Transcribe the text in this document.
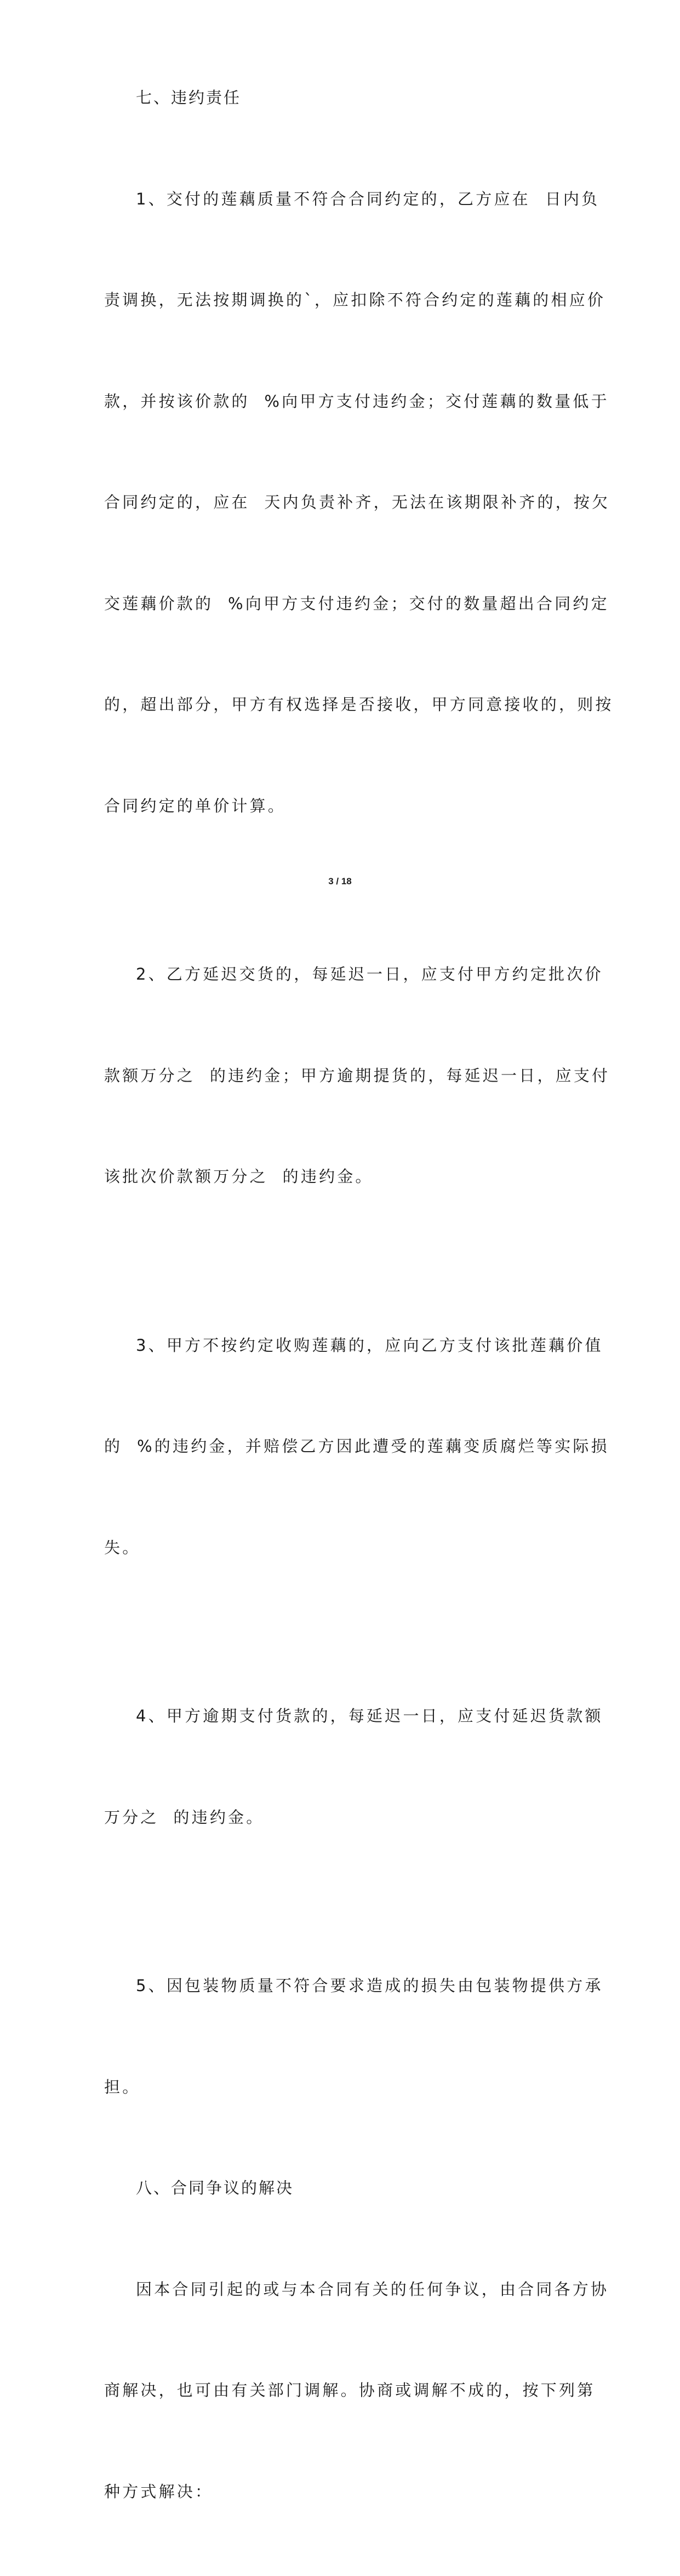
七、违约责任

1、交付的莲藕质量不符合合同约定的，乙方应在  日内负

责调换，无法按期调换的`，应扣除不符合约定的莲藕的相应价

款，并按该价款的  %向甲方支付违约金；交付莲藕的数量低于

合同约定的，应在  天内负责补齐，无法在该期限补齐的，按欠

交莲藕价款的  %向甲方支付违约金；交付的数量超出合同约定

的，超出部分，甲方有权选择是否接收，甲方同意接收的，则按

合同约定的单价计算。

2、乙方延迟交货的，每延迟一日，应支付甲方约定批次价

款额万分之  的违约金；甲方逾期提货的，每延迟一日，应支付

该批次价款额万分之  的违约金。

3、甲方不按约定收购莲藕的，应向乙方支付该批莲藕价值

的  %的违约金，并赔偿乙方因此遭受的莲藕变质腐烂等实际损

失。

4、甲方逾期支付货款的，每延迟一日，应支付延迟货款额

万分之  的违约金。

5、因包装物质量不符合要求造成的损失由包装物提供方承

担。

八、合同争议的解决

因本合同引起的或与本合同有关的任何争议，由合同各方协

商解决，也可由有关部门调解。协商或调解不成的，按下列第

种方式解决：

3 / 18
